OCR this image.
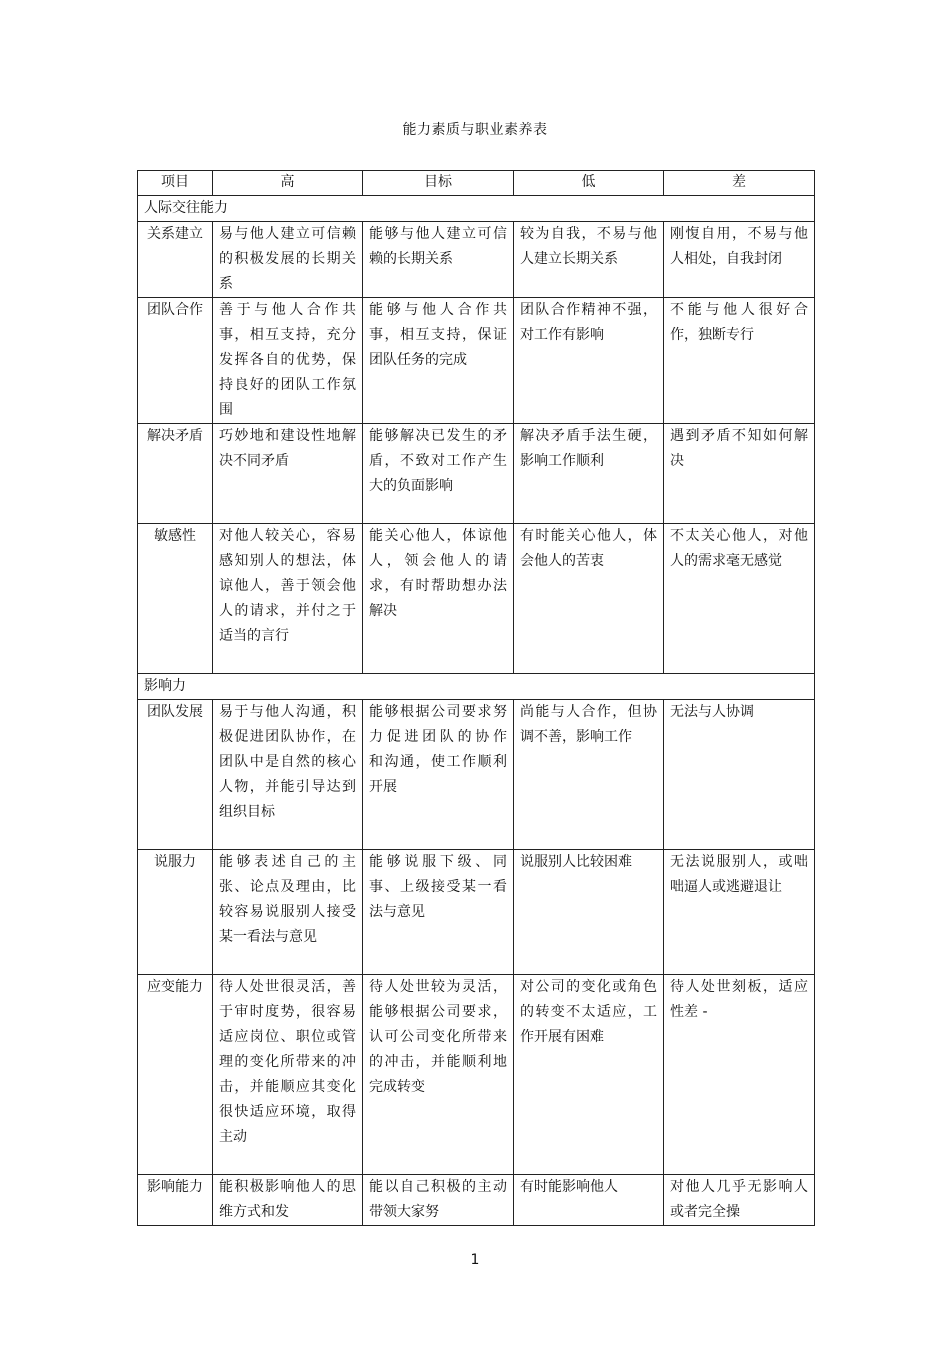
能力素质与职业素养表
项目	高	目标	低	差
人际交往能力				
关系建立	易与他人建立可信赖的积极发展的长期关系	能够与他人建立可信赖的长期关系	较为自我，不易与他人建立长期关系	刚愎自用，不易与他人相处，自我封闭
团队合作	善于与他人合作共事，相互支持，充分发挥各自的优势，保持良好的团队工作氛围	能够与他人合作共事，相互支持，保证团队任务的完成	团队合作精神不强，对工作有影响	不能与他人很好合作，独断专行
解决矛盾	巧妙地和建设性地解决不同矛盾	能够解决已发生的矛盾，不致对工作产生大的负面影响	解决矛盾手法生硬，影响工作顺利	遇到矛盾不知如何解决
敏感性	对他人较关心，容易感知别人的想法，体谅他人，善于领会他人的请求，并付之于适当的言行	能关心他人，体谅他人，领会他人的请求，有时帮助想办法解决	有时能关心他人，体会他人的苦衷	不太关心他人，对他人的需求毫无感觉
影响力				
团队发展	易于与他人沟通，积极促进团队协作，在团队中是自然的核心人物，并能引导达到组织目标	能够根据公司要求努力促进团队的协作　和沟通，使工作顺利开展	尚能与人合作，但协调不善，影响工作	无法与人协调
说服力	能够表述自己的主张、论点及理由，比较容易说服别人接受某一看法与意见	能够说服下级、同事、上级接受某一看法与意见	说服别人比较困难	无法说服别人，或咄咄逼人或逃避退让
应变能力	待人处世很灵活，善于审时度势，很容易适应岗位、职位或管理的变化所带来的冲击，并能顺应其变化很快适应环境，取得主动	待人处世较为灵活，能够根据公司要求，认可公司变化所带来的冲击，并能顺利地完成转变	对公司的变化或角色的转变不太适应，工作开展有困难	待人处世刻板，适应性差 -
影响能力	能积极影响他人的思维方式和发	能以自己积极的主动带领大家努	有时能影响他人	对他人几乎无影响人或者完全操
1
